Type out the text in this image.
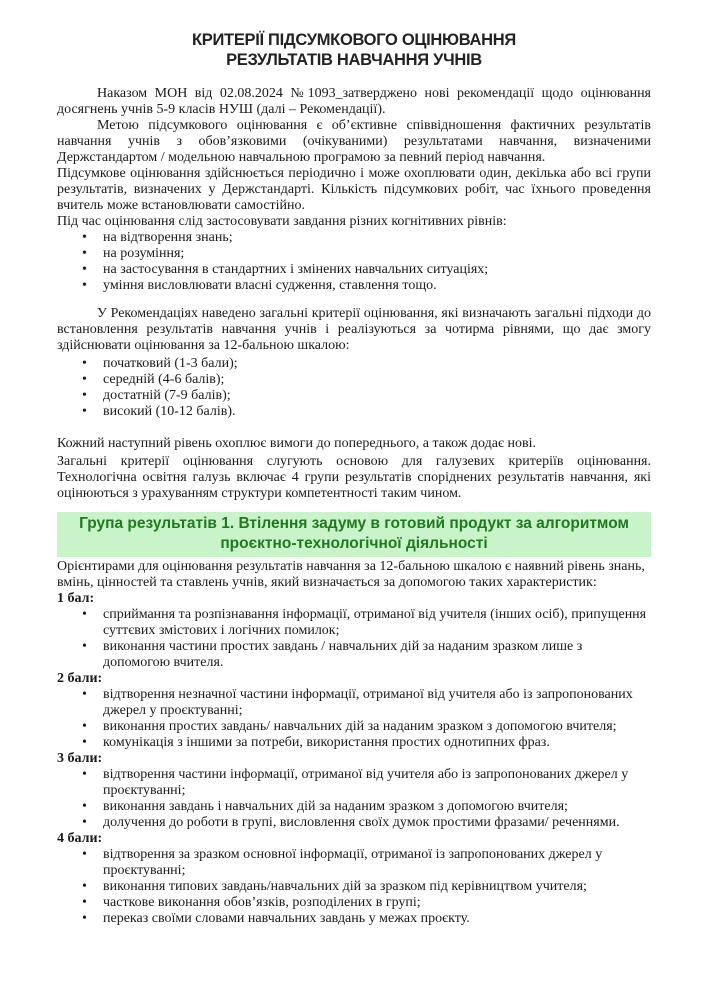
КРИТЕРІЇ ПІДСУМКОВОГО ОЦІНЮВАННЯ
РЕЗУЛЬТАТІВ НАВЧАННЯ УЧНІВ

Наказом МОН від 02.08.2024 №1093_затверджено нові рекомендації щодо оцінювання досягнень учнів 5-9 класів НУШ (далі – Рекомендації).

Метою підсумкового оцінювання є об’єктивне співвідношення фактичних результатів навчання учнів з обов’язковими (очікуваними) результатами навчання, визначеними Держстандартом / модельною навчальною програмою за певний період навчання.

Підсумкове оцінювання здійснюється періодично і може охоплювати один, декілька або всі групи результатів, визначених у Держстандарті. Кількість підсумкових робіт, час їхнього проведення вчитель може встановлювати самостійно.

Під час оцінювання слід застосовувати завдання різних когнітивних рівнів:

• на відтворення знань;
• на розуміння;
• на застосування в стандартних і змінених навчальних ситуаціях;
• уміння висловлювати власні судження, ставлення тощо.

У Рекомендаціях наведено загальні критерії оцінювання, які визначають загальні підходи до встановлення результатів навчання учнів і реалізуються за чотирма рівнями, що дає змогу здійснювати оцінювання за 12-бальною шкалою:

• початковий (1-3 бали);
• середній (4-6 балів);
• достатній (7-9 балів);
• високий (10-12 балів).

Кожний наступний рівень охоплює вимоги до попереднього, а також додає нові.

Загальні критерії оцінювання слугують основою для галузевих критеріїв оцінювання. Технологічна освітня галузь включає 4 групи результатів споріднених результатів навчання, які оцінюються з урахуванням структури компетентності таким чином.

Група результатів 1. Втілення задуму в готовий продукт за алгоритмом
проєктно-технологічної діяльності

Орієнтирами для оцінювання результатів навчання за 12-бальною шкалою є наявний рівень знань, вмінь, цінностей та ставлень учнів, який визначається за допомогою таких характеристик:

1 бал:

• сприймання та розпізнавання інформації, отриманої від учителя (інших осіб), припущення суттєвих змістових і логічних помилок;
• виконання частини простих завдань / навчальних дій за наданим зразком лише з допомогою вчителя.

2 бали:

• відтворення незначної частини інформації, отриманої від учителя або із запропонованих джерел у проєктуванні;
• виконання простих завдань/ навчальних дій за наданим зразком з допомогою вчителя;
• комунікація з іншими за потреби, використання простих однотипних фраз.

3 бали:

• відтворення частини інформації, отриманої від учителя або із запропонованих джерел у проєктуванні;
• виконання завдань і навчальних дій за наданим зразком з допомогою вчителя;
• долучення до роботи в групі, висловлення своїх думок простими фразами/ реченнями.

4 бали:

• відтворення за зразком основної інформації, отриманої із запропонованих джерел у проєктуванні;
• виконання типових завдань/навчальних дій за зразком під керівництвом учителя;
• часткове виконання обов’язків, розподілених в групі;
• переказ своїми словами навчальних завдань у межах проєкту.
